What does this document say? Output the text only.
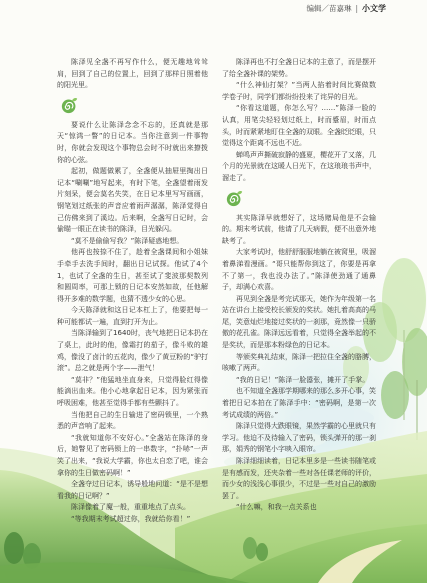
编辑／苗嘉琳 | 小文学

陈泽见全盏不再写作什么，便无趣地耸耸肩，回到了自己的位置上，回到了那样日照着他的阳光里。

要说什么让陈泽念念不忘的，还真就是那天“惊鸿一瞥”的日记本。当你注意到一件事物时，你就会发现这个事物总会时不时就出来撩拨你的心弦。

起初，做题做累了，全盏便从抽屉里掏出日记本“唰唰”地写起来，有时下笔，全盏望着雨发片刻呆，便会莫名失笑，在日记本里写写画画，钢笔划过纸张的声音应着雨声潺潺，陈泽觉得自己仿佛来到了溪边。后来啊，全盏写日记时，会偷瞄一眼正在读书的陈泽，目光躲闪。

“莫不是偷偷写我？”陈泽疑惑地想。

他再也按捺不住了，趁着全盏课间和小姐妹手牵手去洗手间时，翻出日记试探。他试了4个1，也试了全盏的生日，甚至试了斐波那契数列和圆周率，可那上锁的日记本安然如故，任他解得开多难的数学题，也猜不透少女的心思。

今天陈泽就和这日记本杠上了，他要把每一种可能都试一遍，直到打开为止。

当陈泽输到了1640时，丧气地把日记本扔在了桌上，此时的他，像霜打的茄子，像斗败的雄鸡，像没了卤汁的五花肉，像少了黄豆粉的“驴打滚”。总之就是两个字——泄气！

“莫非？”他猛地坐直身来，只觉得脸红得像能滴出血来。他小心地拿起日记本，因为紧张而呼吸困难，他甚至觉得手都有些颤抖了。

当他把自己的生日输进了密码锁里，一个熟悉的声音响了起来。

“我就知道你不安好心。”全盏站在陈泽的身后，她瞥见了密码锁上的一串数字，“扑哧”一声笑了出来，“我说大学霸，你也太自恋了吧，谁会拿你的生日做密码啊！”

全盏夺过日记本，诱导般地问道：“是不是想看我的日记啊？”

陈泽像着了魔一般，重重地点了点头。

“等我期末考试超过你，我就给你看！”

陈泽再也不打全盏日记本的主意了，而是摆开了给全盏补课的架势。

“什么神仙打架？”当两人掐着时间比赛做数学卷子时，同学们都纷纷投来了诧异的目光。

“你看这道题，你怎么写？……”陈泽一脸的认真，用笔尖轻轻划过纸上，时而蹙眉，时而点头，时而紧紧地盯住全盏的双眼。全盏眨眨眼，只觉得这个距离不远也不近。

蝉鸣声声撕破寂静的盛夏，樱花开了又落，几个月的光景就在这暖人日光下，在这琅琅书声中，溜走了。

其实陈泽早就想好了，这场赌局他是不会输的。期末考试前，他请了几天病假，便不出意外地缺考了。

大家考试时，他舒舒服服地躺在被窝里，吸溜着鼻涕看漫画。“哥只能帮你到这了，你要是再拿不了第一，我也没办法了。”陈泽使劲通了通鼻子，却满心欢喜。

再见到全盏是考完试那天，她作为年级第一名站在讲台上接受校长颁发的奖状。她扎着高高的马尾，笑意灿烂地接过奖状的一刹那，竟然像一只骄傲的花孔雀。陈泽远远看着，只觉得全盏举起的不是奖状，而是那本粉绿色的日记本。

等颁奖典礼结束，陈泽一把拉住全盏的胳膊，咳嗽了两声。

“我的日记！”陈泽一脸嚣张，摊开了手掌。

也不知道全盏那学期哪来的那么多开心事，笑着把日记本拍在了陈泽手中：“密码啊，是第一次考试成绩的两倍。”

陈泽只觉得大跌眼镜，果然学霸的心里就只有学习。他迫不及待输入了密码，锁头弹开的那一刹那，娟秀的钢笔小字映入眼帘。

陈泽细细读着，日记本里多是一些读书随笔或是有感而发，还夹杂着一些对各任课老师的评价，而少女的浅浅心事很少，不过是一些对自己的激励罢了。

“什么嘛，和我一点关系也
